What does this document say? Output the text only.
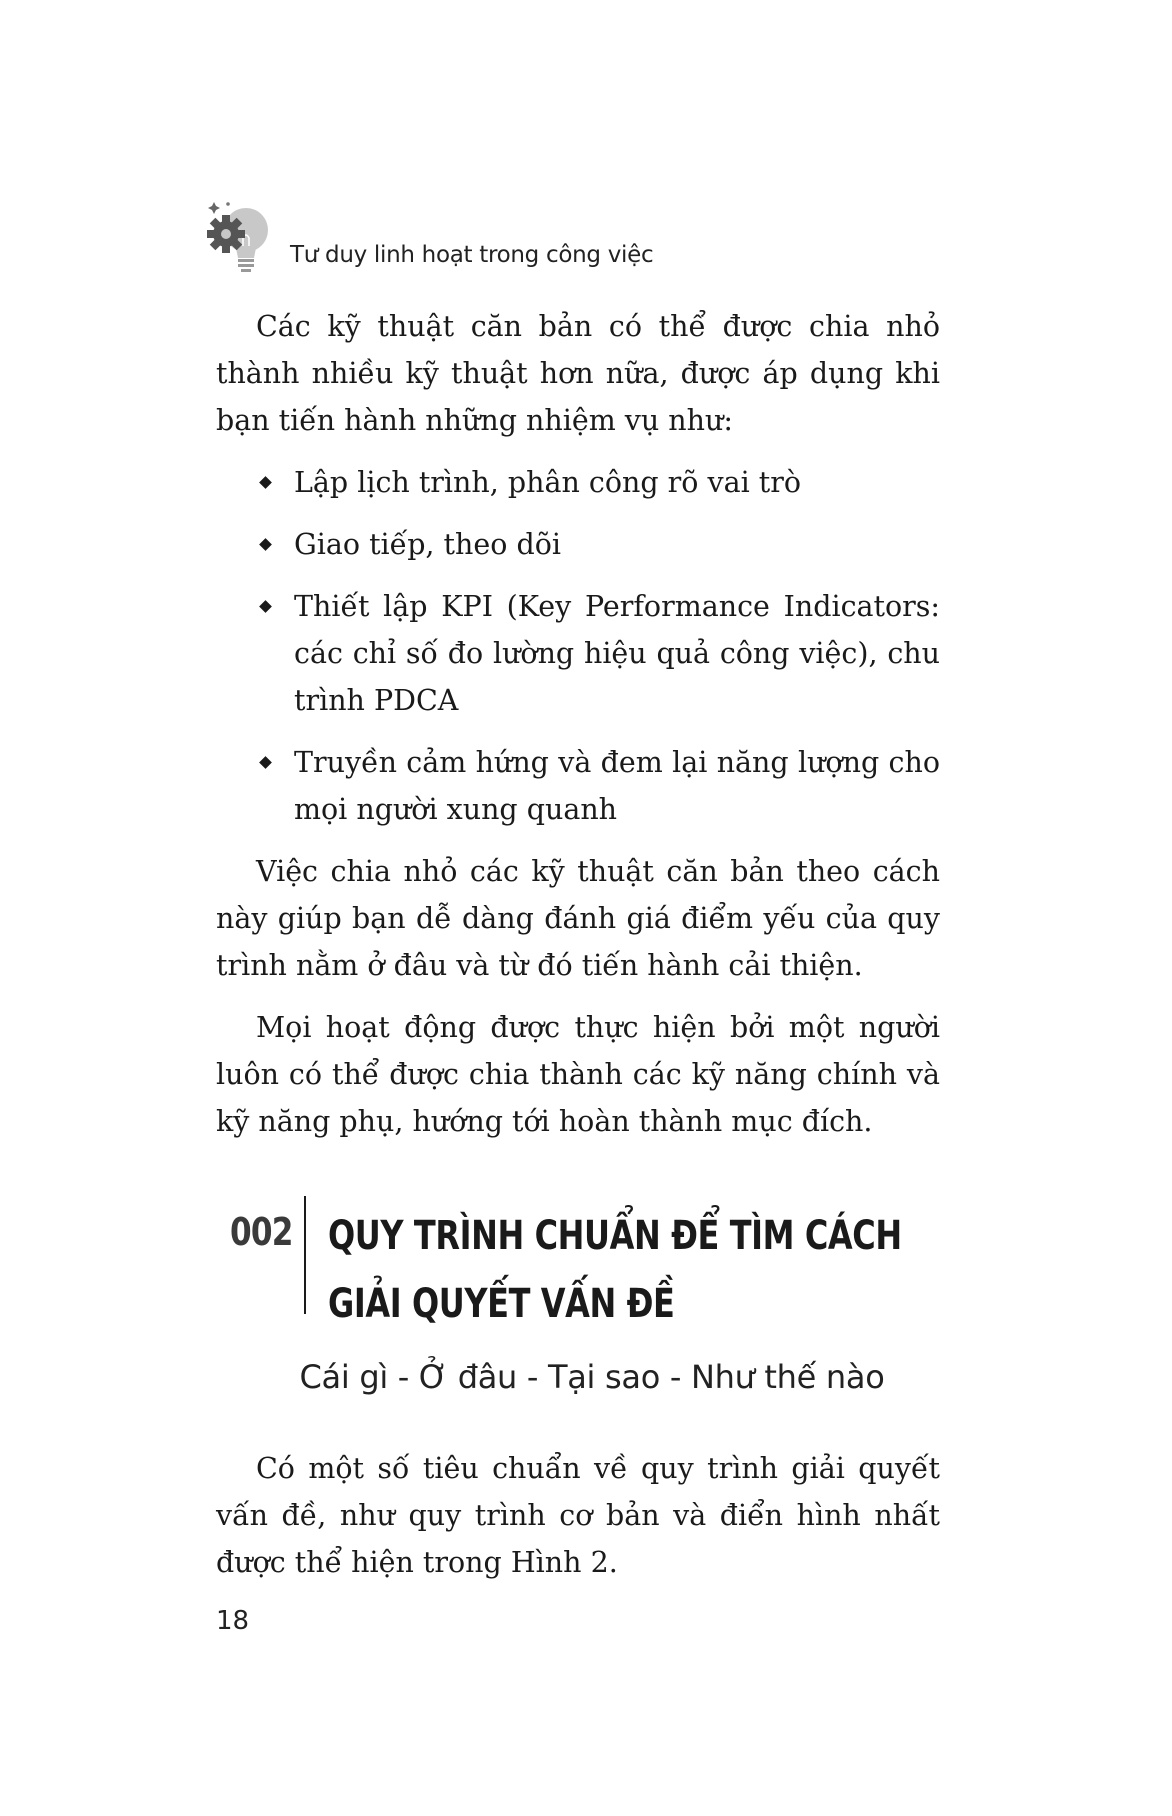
Tư duy linh hoạt trong công việc

Các kỹ thuật căn bản có thể được chia nhỏ thành nhiều kỹ thuật hơn nữa, được áp dụng khi bạn tiến hành những nhiệm vụ như:

Lập lịch trình, phân công rõ vai trò
Giao tiếp, theo dõi
Thiết lập KPI (Key Performance Indicators: các chỉ số đo lường hiệu quả công việc), chu trình PDCA
Truyền cảm hứng và đem lại năng lượng cho mọi người xung quanh

Việc chia nhỏ các kỹ thuật căn bản theo cách này giúp bạn dễ dàng đánh giá điểm yếu của quy trình nằm ở đâu và từ đó tiến hành cải thiện.

Mọi hoạt động được thực hiện bởi một người luôn có thể được chia thành các kỹ năng chính và kỹ năng phụ, hướng tới hoàn thành mục đích.

002 QUY TRÌNH CHUẨN ĐỂ TÌM CÁCH
GIẢI QUYẾT VẤN ĐỀ
Cái gì - Ở đâu - Tại sao - Như thế nào

Có một số tiêu chuẩn về quy trình giải quyết vấn đề, như quy trình cơ bản và điển hình nhất được thể hiện trong Hình 2.

18
